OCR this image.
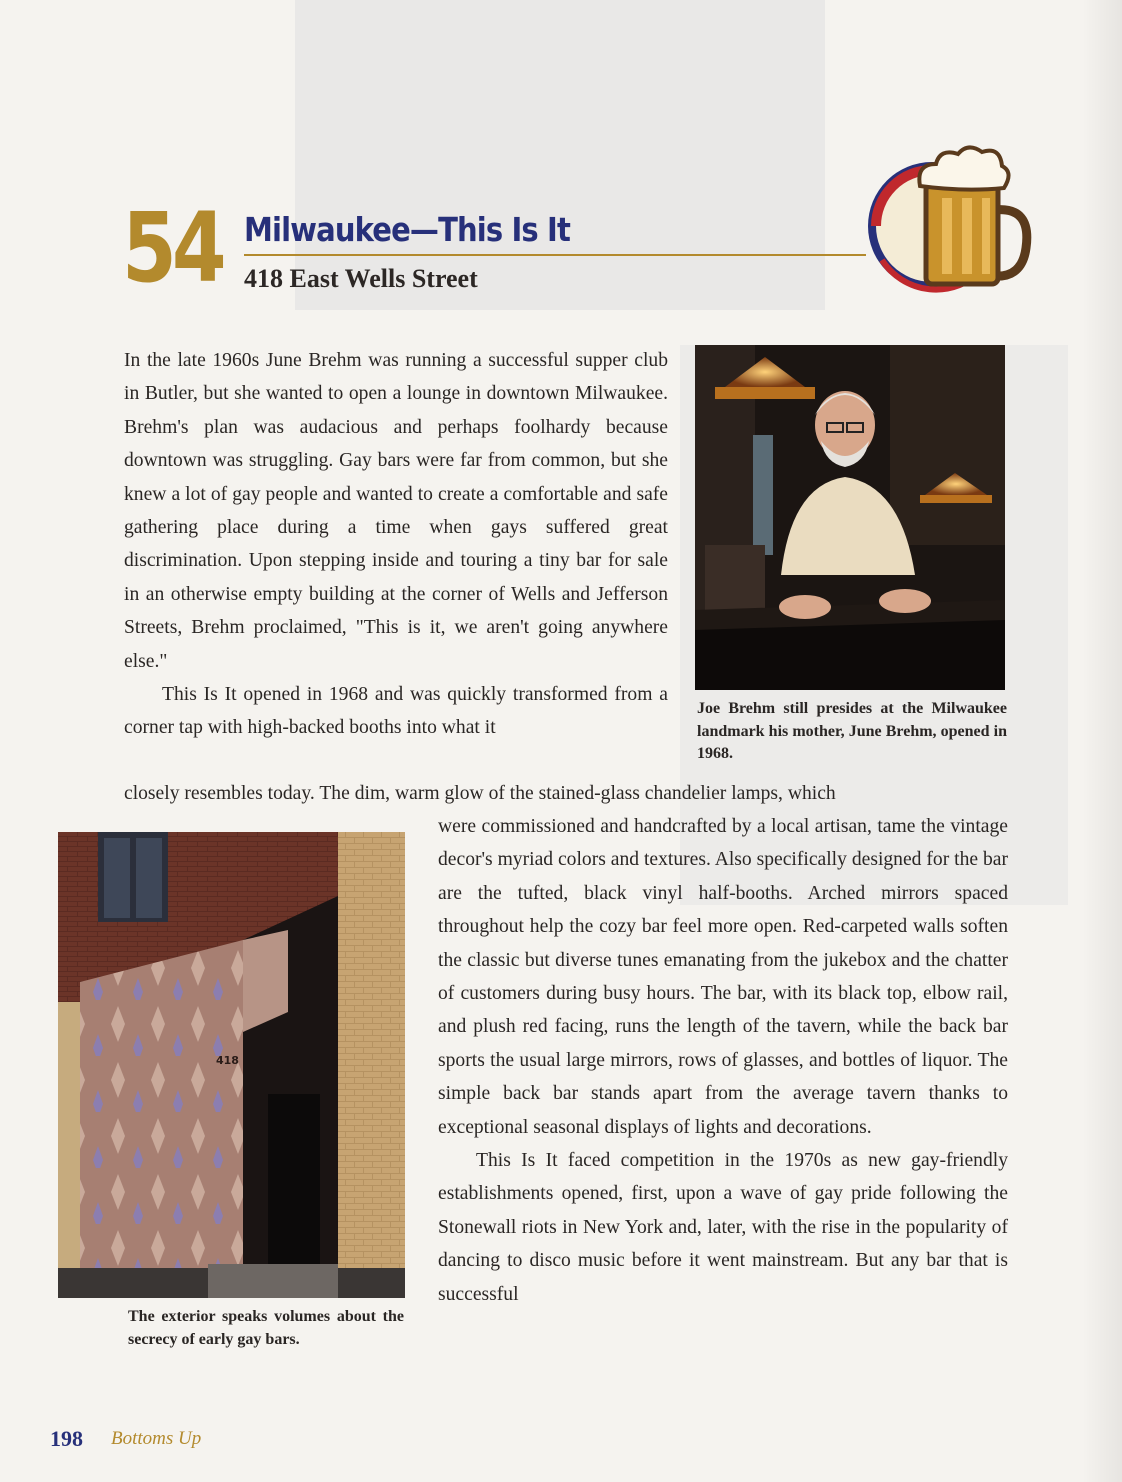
54 Milwaukee—This Is It
418 East Wells Street
BAR

In the late 1960s June Brehm was running a successful supper club in Butler, but she wanted to open a lounge in downtown Milwaukee. Brehm's plan was audacious and perhaps foolhardy because downtown was struggling. Gay bars were far from common, but she knew a lot of gay people and wanted to create a comfortable and safe gathering place during a time when gays suffered great discrimination. Upon stepping inside and touring a tiny bar for sale in an otherwise empty building at the corner of Wells and Jefferson Streets, Brehm proclaimed, "This is it, we aren't going anywhere else."

This Is It opened in 1968 and was quickly transformed from a corner tap with high-backed booths into what it

closely resembles today. The dim, warm glow of the stained-glass chandelier lamps, which

were commissioned and handcrafted by a local artisan, tame the vintage decor's myriad colors and textures. Also specifically designed for the bar are the tufted, black vinyl half-booths. Arched mirrors spaced throughout help the cozy bar feel more open. Red-carpeted walls soften the classic but diverse tunes emanating from the jukebox and the chatter of customers during busy hours. The bar, with its black top, elbow rail, and plush red facing, runs the length of the tavern, while the back bar sports the usual large mirrors, rows of glasses, and bottles of liquor. The simple back bar stands apart from the average tavern thanks to exceptional seasonal displays of lights and decorations.

This Is It faced competition in the 1970s as new gay-friendly establishments opened, first, upon a wave of gay pride following the Stonewall riots in New York and, later, with the rise in the popularity of dancing to disco music before it went mainstream. But any bar that is successful

Joe Brehm still presides at the Milwaukee landmark his mother, June Brehm, opened in 1968.

418

The exterior speaks volumes about the secrecy of early gay bars.

198 Bottoms Up
